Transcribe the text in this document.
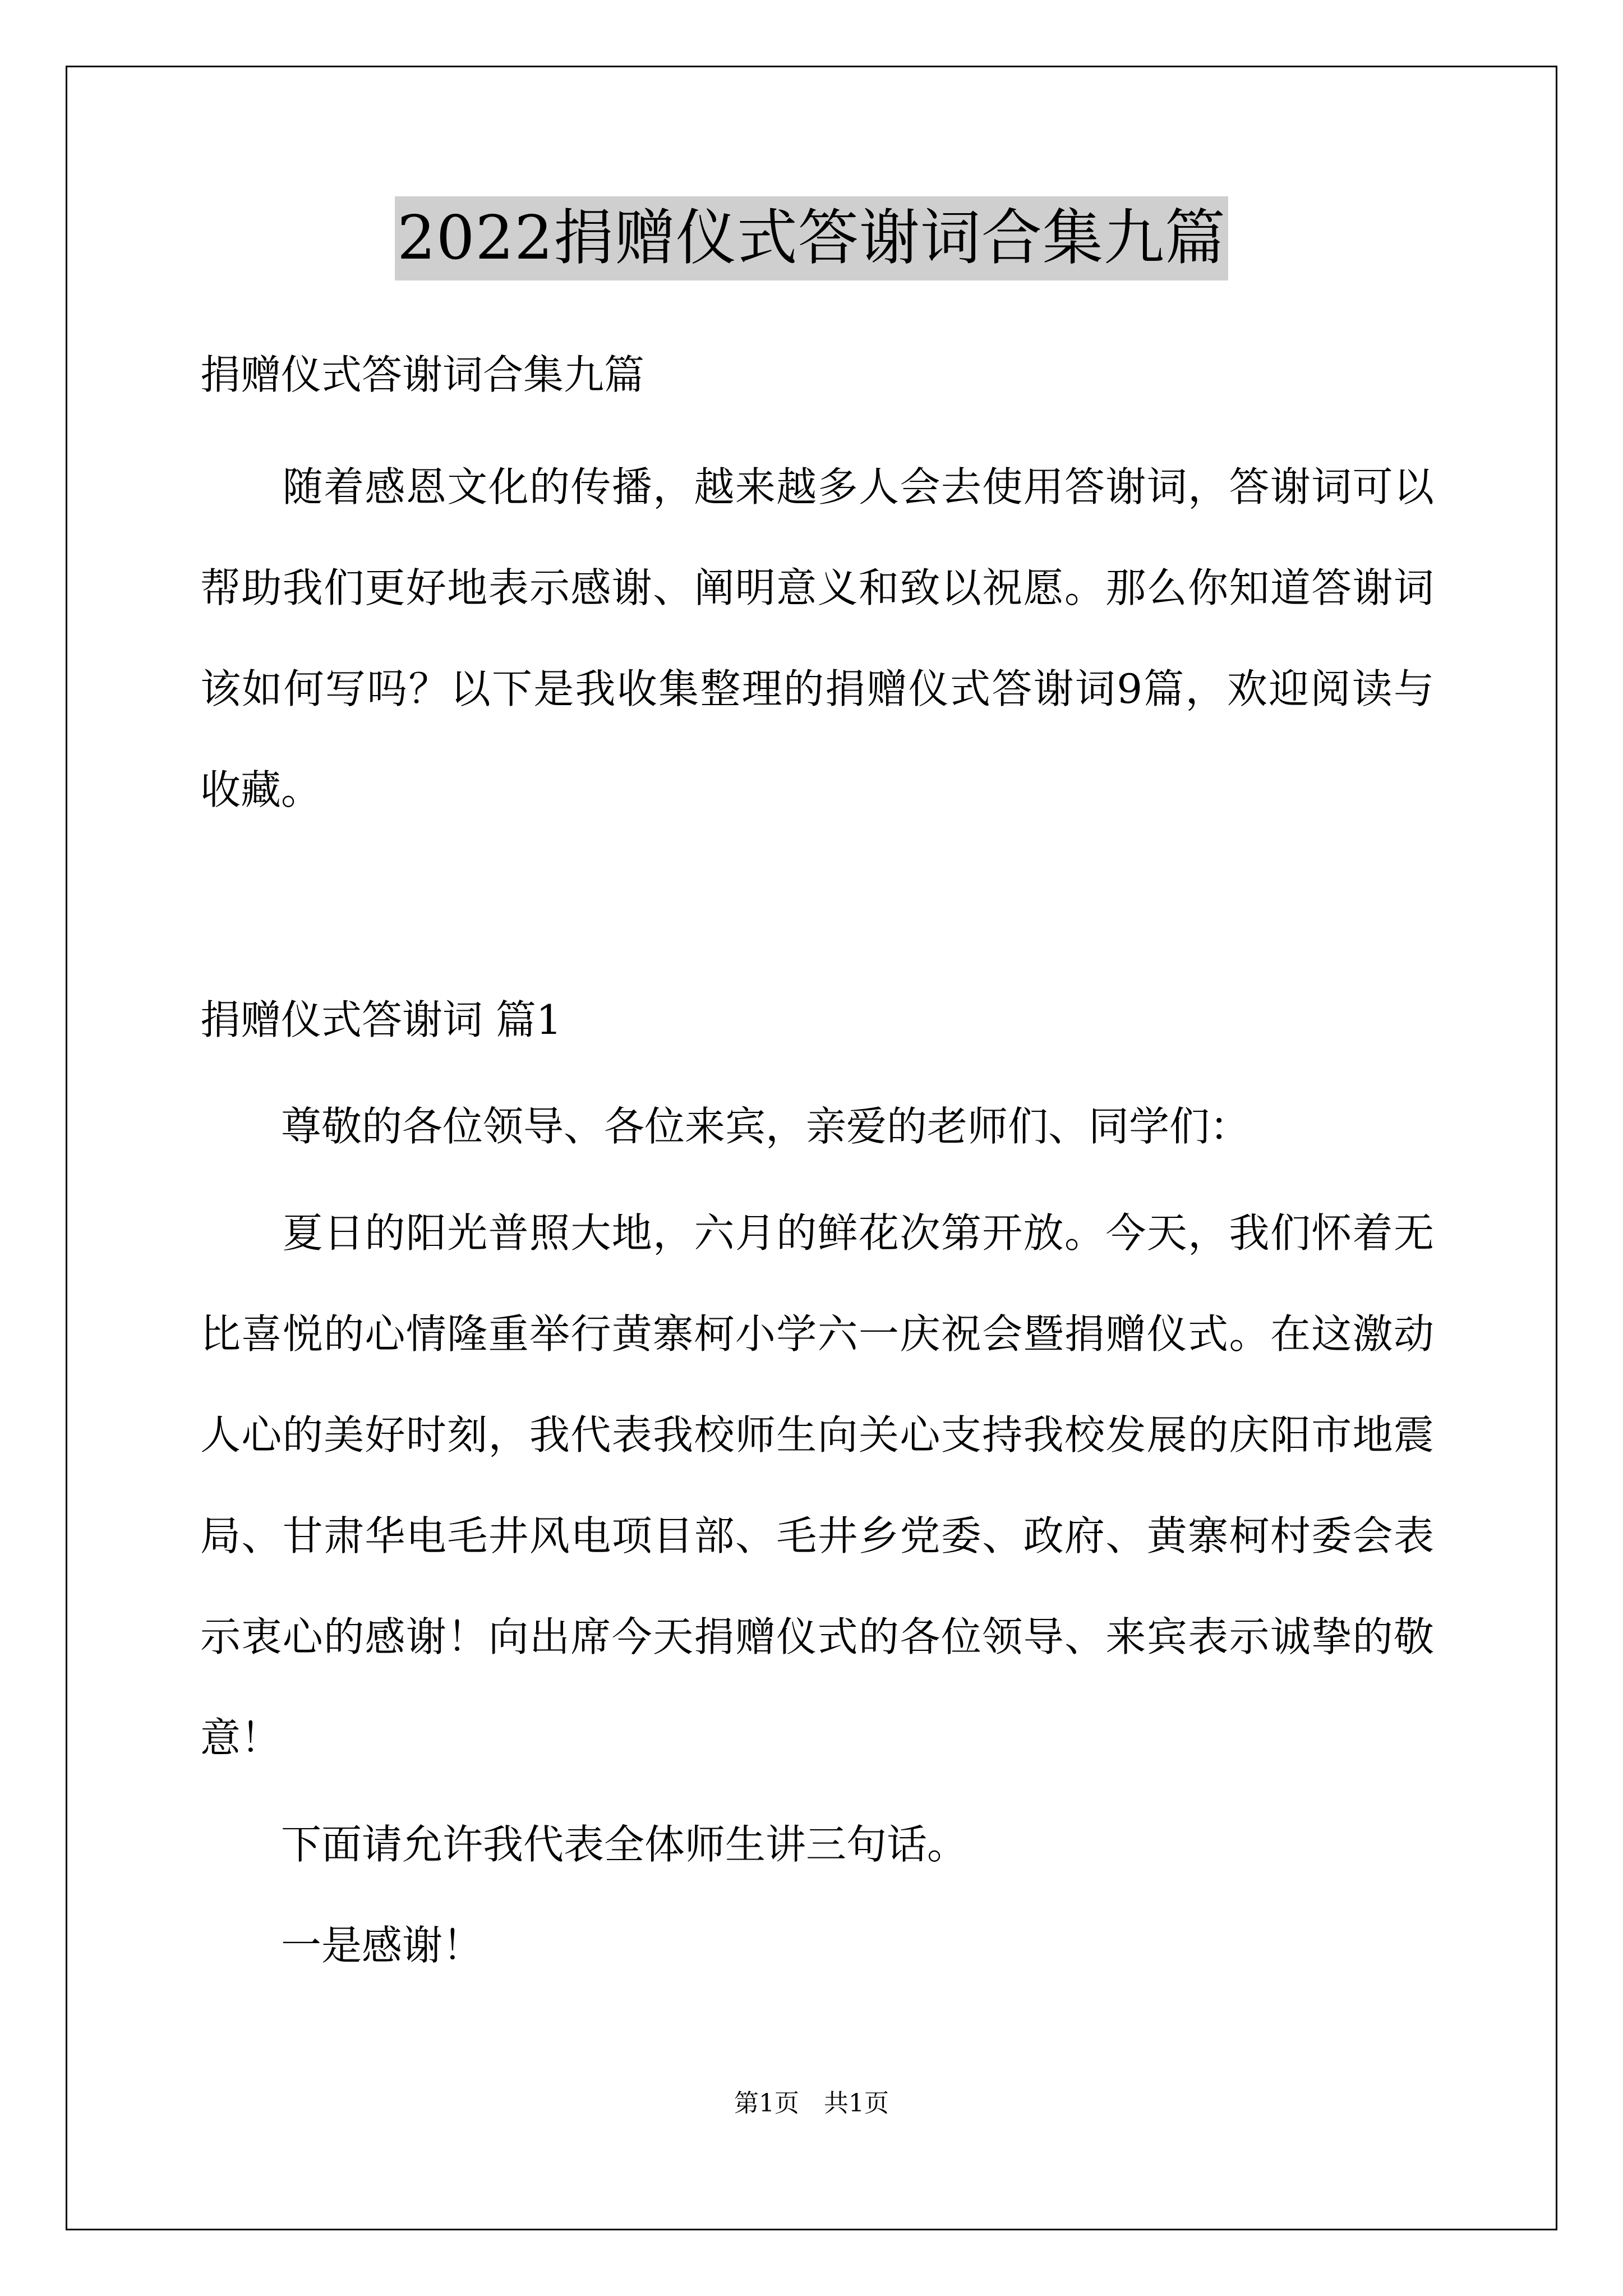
2022捐赠仪式答谢词合集九篇
捐赠仪式答谢词合集九篇
　　随着感恩文化的传播，越来越多人会去使用答谢词，答谢词可以
帮助我们更好地表示感谢、阐明意义和致以祝愿。那么你知道答谢词
该如何写吗？以下是我收集整理的捐赠仪式答谢词9篇，欢迎阅读与
收藏。
捐赠仪式答谢词 篇1
　　尊敬的各位领导、各位来宾，亲爱的老师们、同学们：
　　夏日的阳光普照大地，六月的鲜花次第开放。今天，我们怀着无
比喜悦的心情隆重举行黄寨柯小学六一庆祝会暨捐赠仪式。在这激动
人心的美好时刻，我代表我校师生向关心支持我校发展的庆阳市地震
局、甘肃华电毛井风电项目部、毛井乡党委、政府、黄寨柯村委会表
示衷心的感谢！向出席今天捐赠仪式的各位领导、来宾表示诚挚的敬
意！
　　下面请允许我代表全体师生讲三句话。
　　一是感谢！
第1页　共1页
